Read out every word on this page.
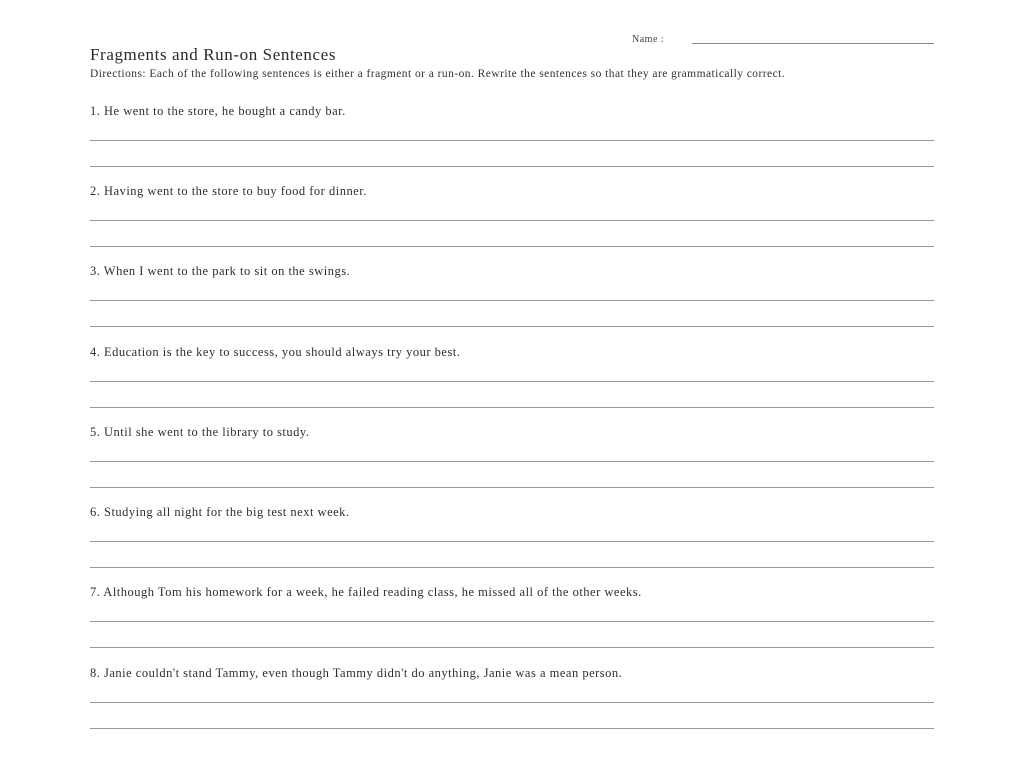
Name :
Fragments and Run-on Sentences
Directions: Each of the following sentences is either a fragment or a run-on. Rewrite the sentences so that they are grammatically correct.
1. He went to the store, he bought a candy bar.
2. Having went to the store to buy food for dinner.
3. When I went to the park to sit on the swings.
4. Education is the key to success, you should always try your best.
5. Until she went to the library to study.
6. Studying all night for the big test next week.
7. Although Tom his homework for a week, he failed reading class, he missed all of the other weeks.
8. Janie couldn't stand Tammy, even though Tammy didn't do anything, Janie was a mean person.
